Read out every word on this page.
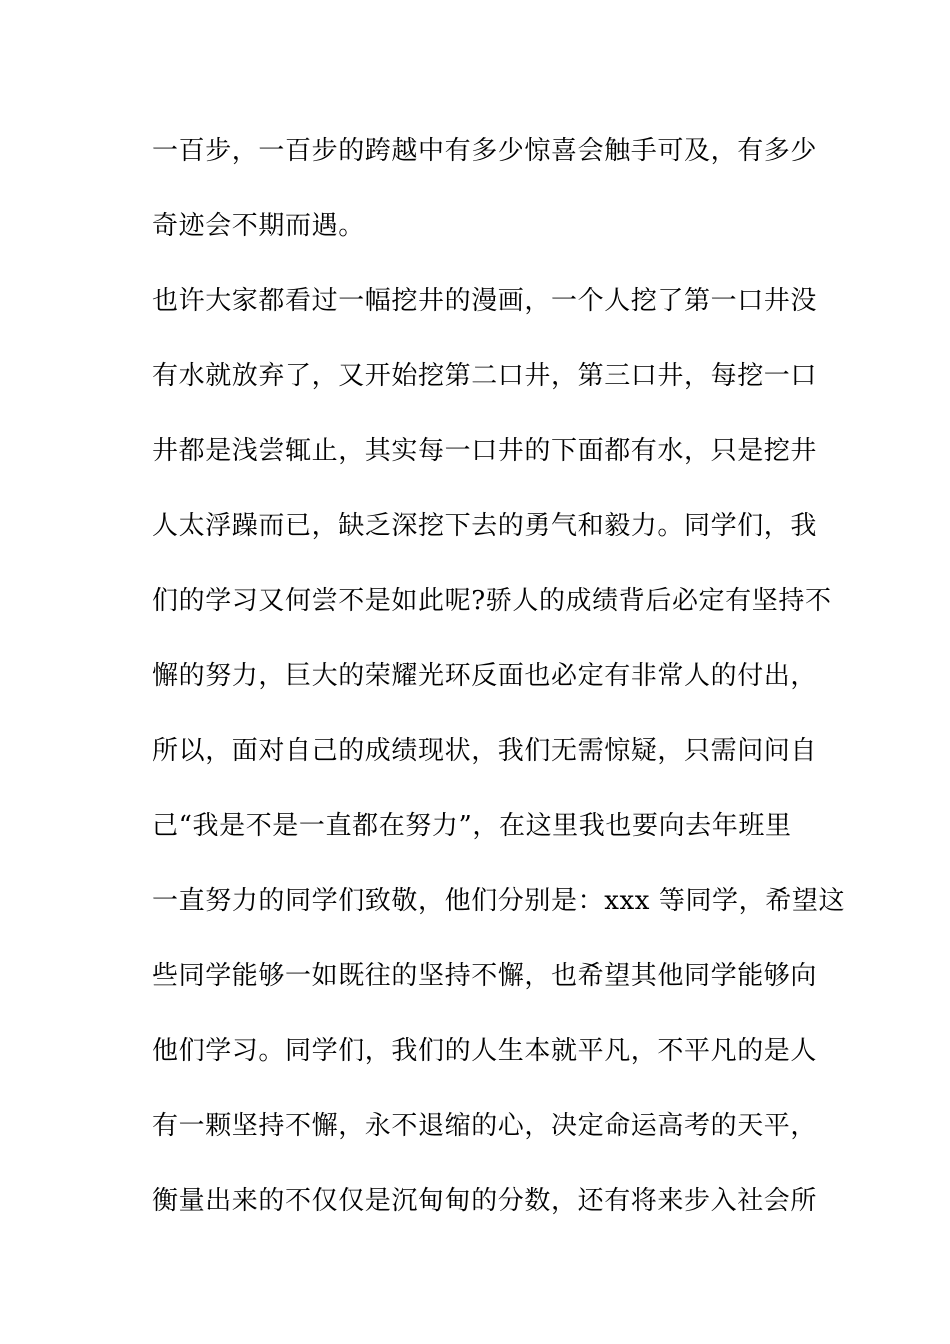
一百步，一百步的跨越中有多少惊喜会触手可及，有多少
奇迹会不期而遇。
也许大家都看过一幅挖井的漫画，一个人挖了第一口井没
有水就放弃了，又开始挖第二口井，第三口井，每挖一口
井都是浅尝辄止，其实每一口井的下面都有水，只是挖井
人太浮躁而已，缺乏深挖下去的勇气和毅力。同学们，我
们的学习又何尝不是如此呢?骄人的成绩背后必定有坚持不
懈的努力，巨大的荣耀光环反面也必定有非常人的付出，
所以，面对自己的成绩现状，我们无需惊疑，只需问问自
己“我是不是一直都在努力”，在这里我也要向去年班里
一直努力的同学们致敬，他们分别是：xxx 等同学，希望这
些同学能够一如既往的坚持不懈，也希望其他同学能够向
他们学习。同学们，我们的人生本就平凡，不平凡的是人
有一颗坚持不懈，永不退缩的心，决定命运高考的天平，
衡量出来的不仅仅是沉甸甸的分数，还有将来步入社会所
